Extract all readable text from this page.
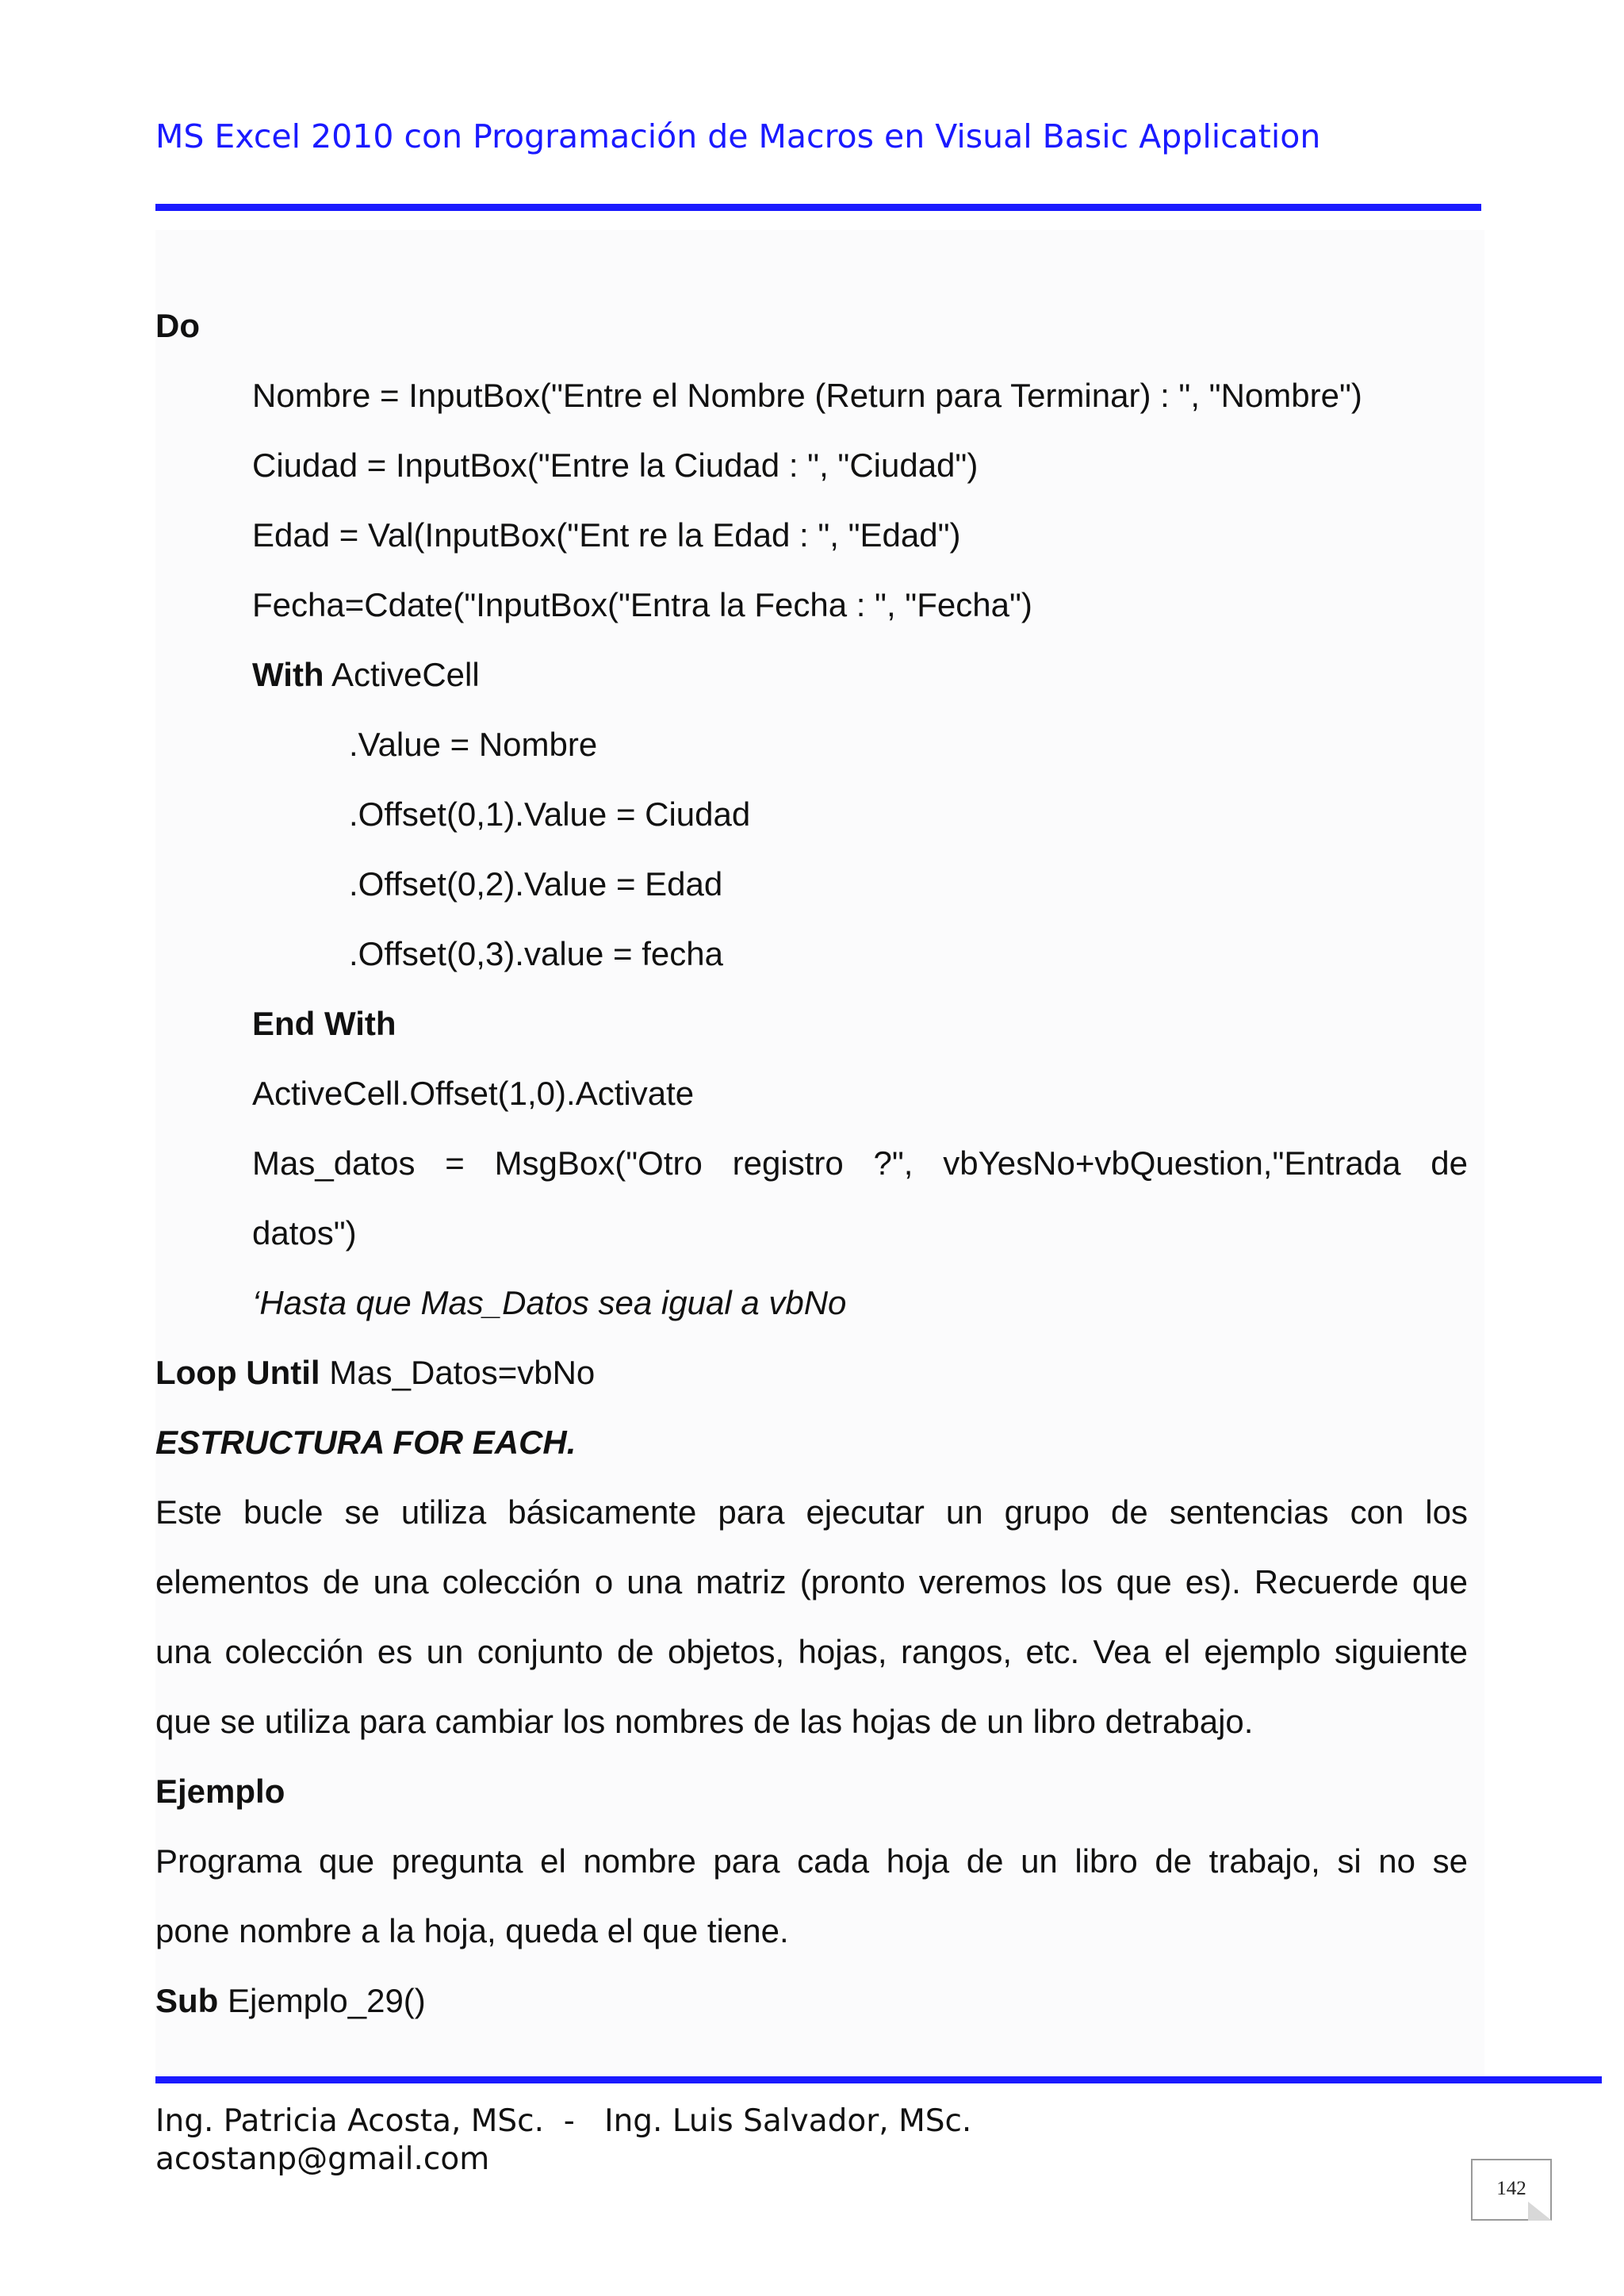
MS Excel 2010 con Programación de Macros en Visual Basic Application
Do
Nombre = InputBox("Entre el Nombre (Return para Terminar) : ", "Nombre")
Ciudad = InputBox("Entre la Ciudad : ", "Ciudad")
Edad = Val(InputBox("Ent re la Edad : ", "Edad")
Fecha=Cdate("InputBox("Entra la Fecha : ", "Fecha")
With ActiveCell
.Value = Nombre
.Offset(0,1).Value = Ciudad
.Offset(0,2).Value = Edad
.Offset(0,3).value = fecha
End With
ActiveCell.Offset(1,0).Activate
Mas_datos = MsgBox("Otro registro ?", vbYesNo+vbQuestion,"Entrada de
datos")
‘Hasta que Mas_Datos sea igual a vbNo
Loop Until Mas_Datos=vbNo
ESTRUCTURA FOR EACH.
Este bucle se utiliza básicamente para ejecutar un grupo de sentencias con los
elementos de una colección o una matriz (pronto veremos los que es). Recuerde que
una colección es un conjunto de objetos, hojas, rangos, etc. Vea el ejemplo siguiente
que se utiliza para cambiar los nombres de las hojas de un libro detrabajo.
Ejemplo
Programa que pregunta el nombre para cada hoja de un libro de trabajo, si no se
pone nombre a la hoja, queda el que tiene.
Sub Ejemplo_29()
Ing. Patricia Acosta, MSc.  -   Ing. Luis Salvador, MSc.
acostanp@gmail.com
142
